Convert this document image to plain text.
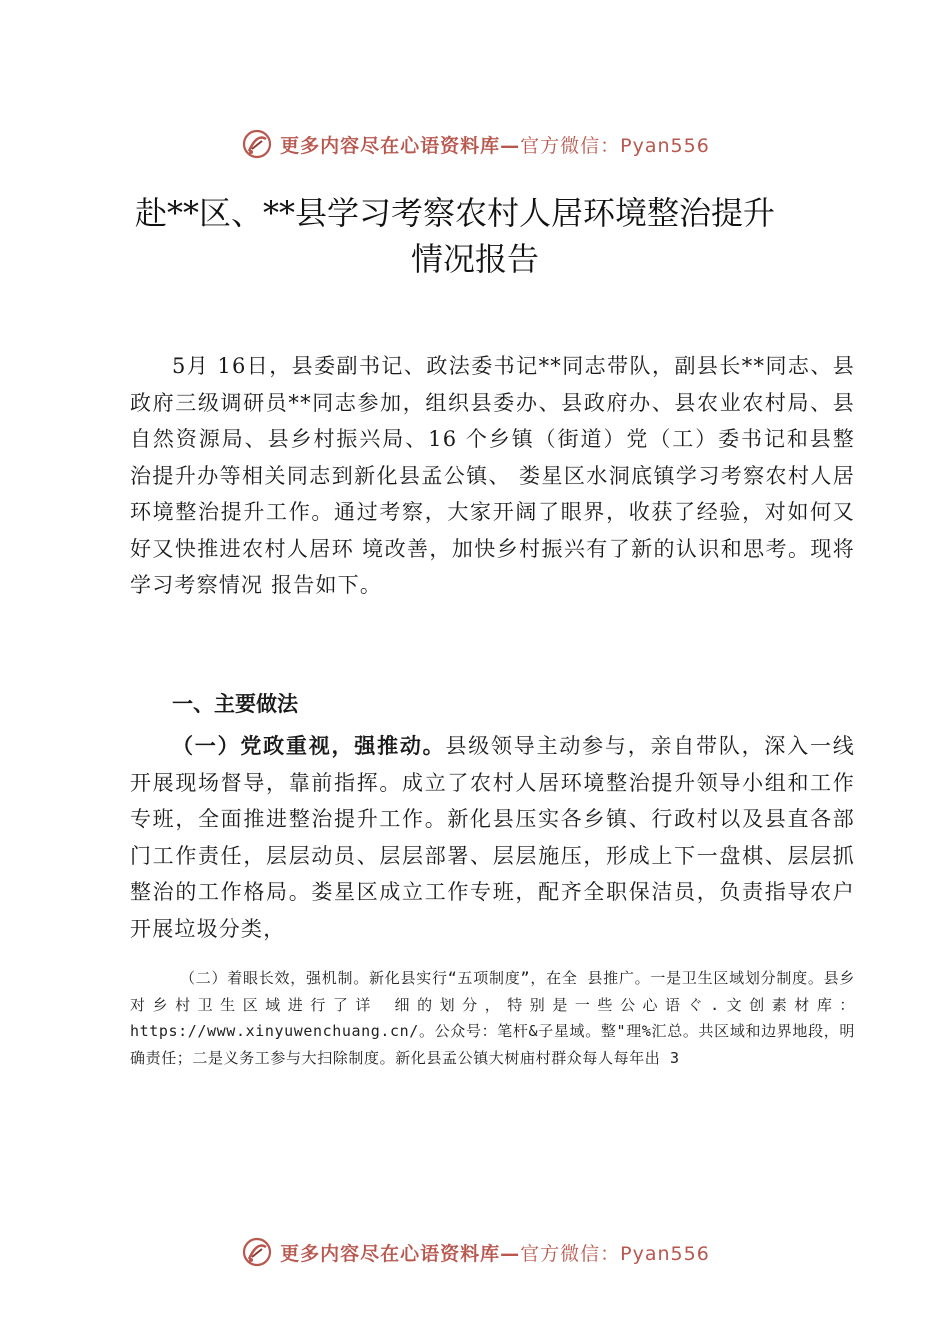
更多内容尽在心语资料库—官方微信：Pyan556
赴**区、**县学习考察农村人居环境整治提升
情况报告
5月 16日，县委副书记、政法委书记**同志带队，副县长**同志、县政府三级调研员**同志参加，组织县委办、县政府办、县农业农村局、县自然资源局、县乡村振兴局、16 个乡镇（街道）党（工）委书记和县整治提升办等相关同志到新化县孟公镇、 娄星区水洞底镇学习考察农村人居环境整治提升工作。通过考察，大家开阔了眼界，收获了经验，对如何又好又快推进农村人居环 境改善，加快乡村振兴有了新的认识和思考。现将学习考察情况 报告如下。
一、主要做法
（一）党政重视，强推动。县级领导主动参与，亲自带队，深入一线开展现场督导，靠前指挥。成立了农村人居环境整治提升领导小组和工作专班，全面推进整治提升工作。新化县压实各乡镇、行政村以及县直各部门工作责任，层层动员、层层部署、层层施压，形成上下一盘棋、层层抓整治的工作格局。娄星区成立工作专班，配齐全职保洁员，负责指导农户开展垃圾分类，
（二）着眼长效，强机制。新化县实行“五项制度”，在全 县推广。一是卫生区域划分制度。县乡对乡村卫生区域进行了详 细的划分，特别是一些公心语ぐ.文创素材库：https://www.xinyuwenchuang.cn/。公众号：笔杆&子星域。整"理%汇总。共区域和边界地段，明确责任；二是义务工参与大扫除制度。新化县孟公镇大树庙村群众每人每年出 3
更多内容尽在心语资料库—官方微信：Pyan556
